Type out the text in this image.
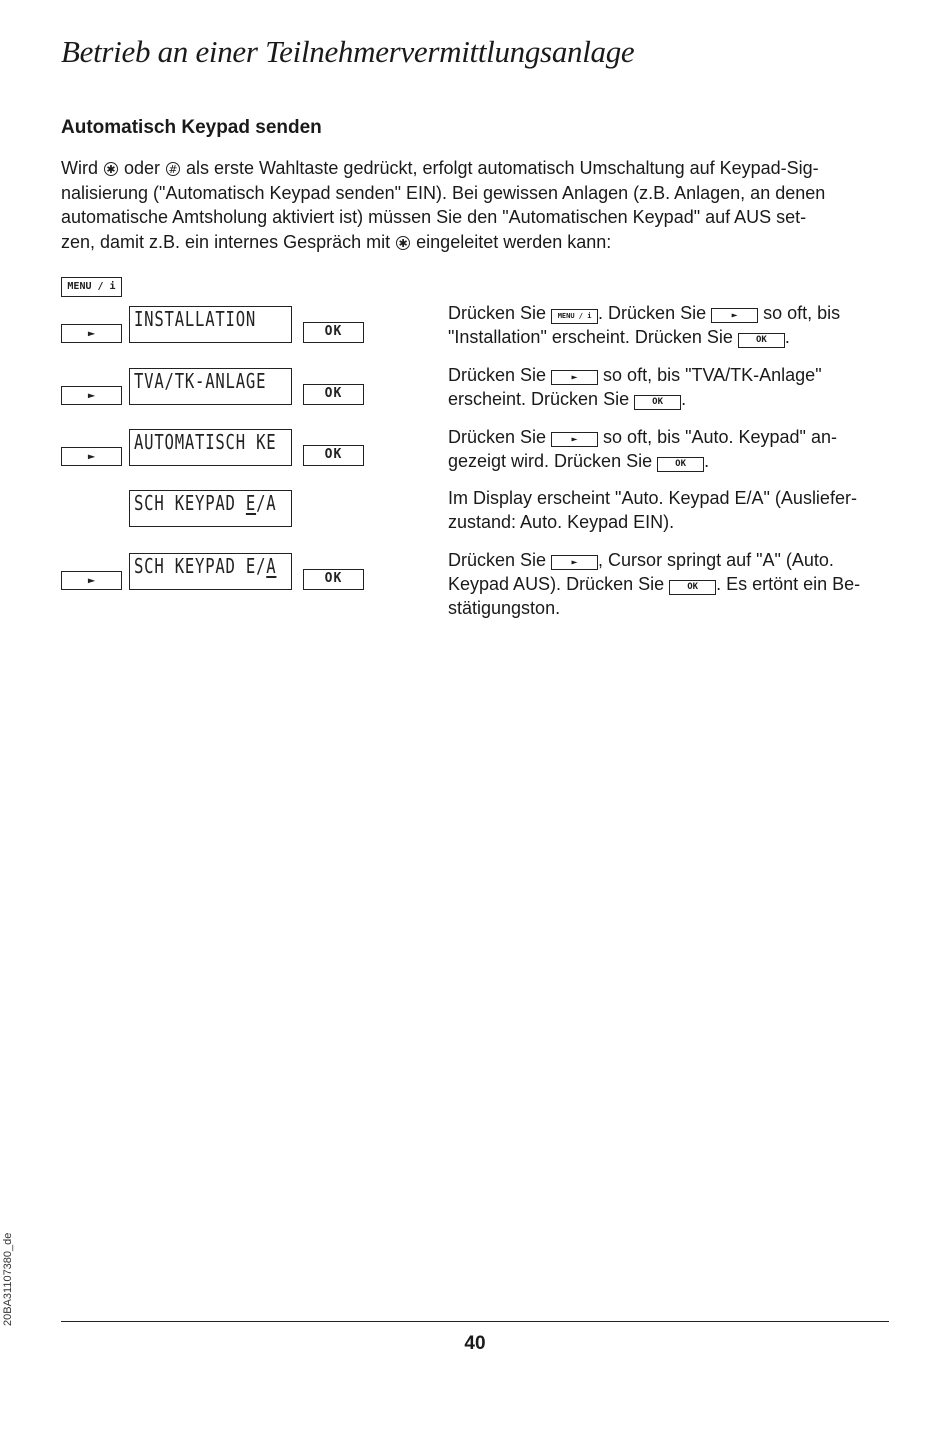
Betrieb an einer Teilnehmervermittlungsanlage
Automatisch Keypad senden
Wird ✱ oder # als erste Wahltaste gedrückt, erfolgt automatisch Umschaltung auf Keypad-Sig-
nalisierung ("Automatisch Keypad senden" EIN). Bei gewissen Anlagen (z.B. Anlagen, an denen
automatische Amtsholung aktiviert ist) müssen Sie den "Automatischen Keypad" auf AUS set-
zen, damit z.B. ein internes Gespräch mit ✱ eingeleitet werden kann:
MENU / i
►
INSTALLATION
OK
►
TVA/TK-ANLAGE
OK
►
AUTOMATISCH KE
OK
SCH KEYPAD E/A
►
SCH KEYPAD E/A
OK
Drücken Sie MENU / i . Drücken Sie ► so oft, bis
"Installation" erscheint. Drücken Sie OK .
Drücken Sie ► so oft, bis "TVA/TK-Anlage"
erscheint. Drücken Sie OK .
Drücken Sie ► so oft, bis "Auto. Keypad" an-
gezeigt wird. Drücken Sie OK .
Im Display erscheint "Auto. Keypad E/A" (Ausliefer-
zustand: Auto. Keypad EIN).
Drücken Sie ► , Cursor springt auf "A" (Auto.
Keypad AUS). Drücken Sie OK . Es ertönt ein Be-
stätigungston.
20BA31107380_de
40
